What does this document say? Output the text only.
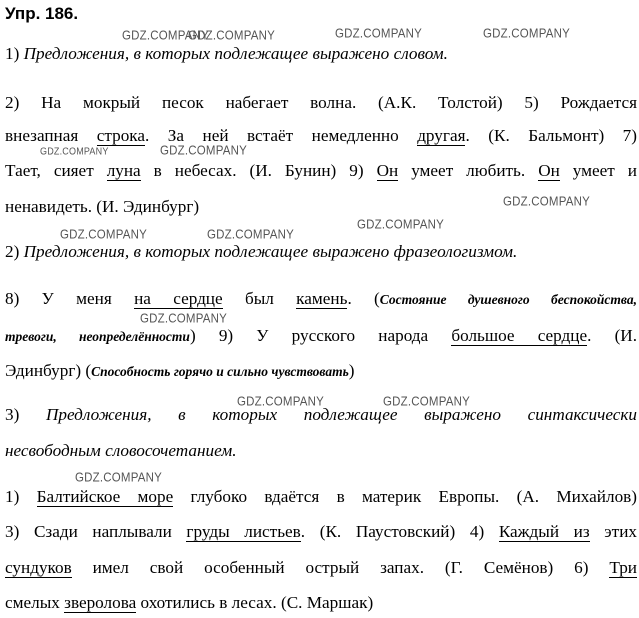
Упр. 186.
1) Предложения, в которых подлежащее выражено словом.
2) На мокрый песок набегает волна. (А.К. Толстой) 5) Рождается
внезапная строка. За ней встаёт немедленно другая. (К. Бальмонт) 7)
Тает, сияет луна в небесах. (И. Бунин) 9) Он умеет любить. Он умеет и
ненавидеть. (И. Эдинбург)
2) Предложения, в которых подлежащее выражено фразеологизмом.
8) У меня на сердце был камень. (Состояние душевного беспокойства,
тревоги, неопределённости) 9) У русского народа большое сердце. (И.
Эдинбург) (Способность горячо и сильно чувствовать)
3) Предложения, в которых подлежащее выражено синтаксически
несвободным словосочетанием.
1) Балтийское море глубоко вдаётся в материк Европы. (А. Михайлов)
3) Сзади наплывали груды листьев. (К. Паустовский) 4) Каждый из этих
сундуков имел свой особенный острый запах. (Г. Семёнов) 6) Три
смелых зверолова охотились в лесах. (С. Маршак)
GDZ.COMPANY
GDZ.COMPANY	GDZ.COMPANY	GDZ.COMPANY
GDZ.COMPANY	GDZ.COMPANY
GDZ.COMPANY
GDZ.COMPANY
GDZ.COMPANY	GDZ.COMPANY
GDZ.COMPANY
GDZ.COMPANY	GDZ.COMPANY
GDZ.COMPANY
